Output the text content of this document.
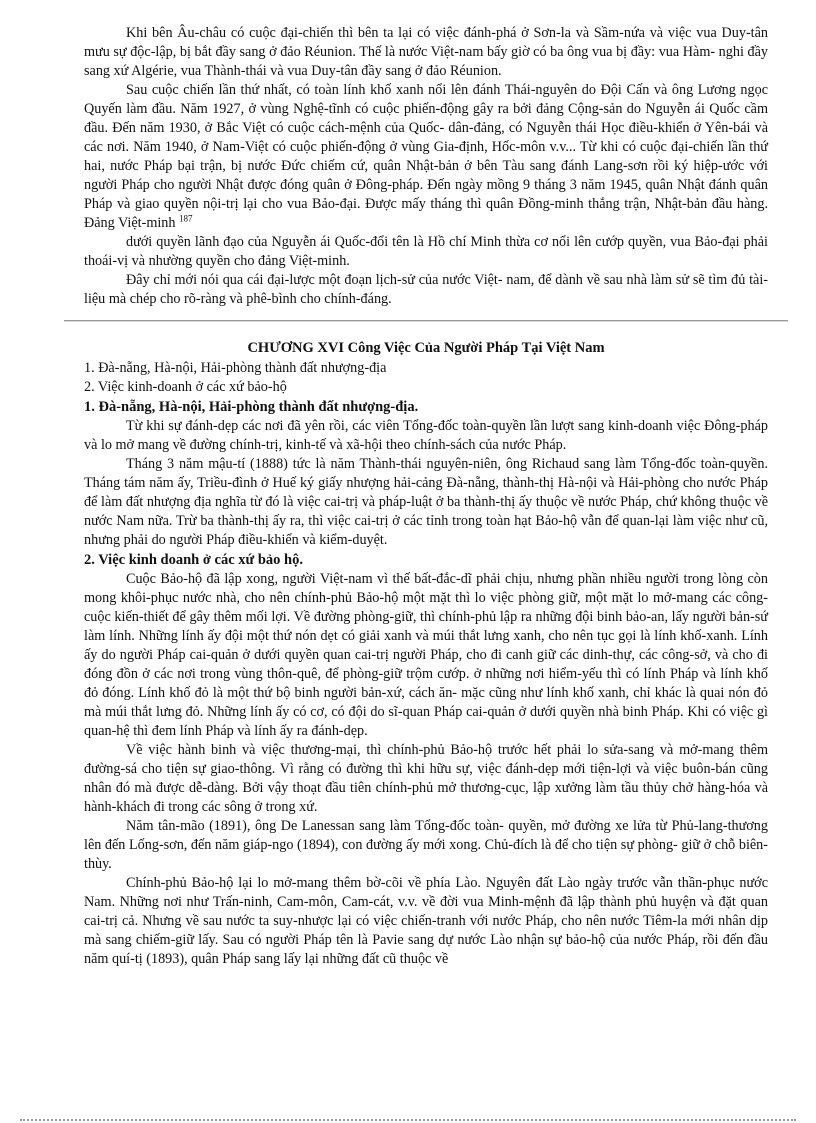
Khi bên Âu-châu có cuộc đại-chiến thì bên ta lại có việc đánh-phá ở Sơn-la và Sầm-nứa và việc vua Duy-tân mưu sự độc-lập, bị bắt đầy sang ở đảo Réunion. Thế là nước Việt-nam bấy giờ có ba ông vua bị đầy: vua Hàm- nghi đầy sang xứ Algérie, vua Thành-thái và vua Duy-tân đầy sang ở đảo Réunion.

Sau cuộc chiến lần thứ nhất, có toàn lính khố xanh nổi lên đánh Thái-nguyên do Đội Cấn và ông Lương ngọc Quyến làm đầu. Năm 1927, ở vùng Nghệ-tĩnh có cuộc phiến-động gây ra bởi đảng Cộng-sản do Nguyễn ái Quốc cầm đầu. Đến năm 1930, ở Bắc Việt có cuộc cách-mệnh của Quốc- dân-đảng, có Nguyễn thái Học điều-khiển ở Yên-bái và các nơi. Năm 1940, ở Nam-Việt có cuộc phiến-động ở vùng Gia-định, Hốc-môn v.v... Từ khi có cuộc đại-chiến lần thứ hai, nước Pháp bại trận, bị nước Đức chiếm cứ, quân Nhật-bản ở bên Tàu sang đánh Lang-sơn rồi ký hiệp-ước với người Pháp cho người Nhật được đóng quân ở Đông-pháp. Đến ngày mồng 9 tháng 3 năm 1945, quân Nhật đánh quân Pháp và giao quyền nội-trị lại cho vua Bảo-đại. Được mấy tháng thì quân Đồng-minh thắng trận, Nhật-bản đầu hàng. Đảng Việt-minh $^{187}$

dưới quyền lãnh đạo của Nguyễn ái Quốc-đổi tên là Hồ chí Minh thừa cơ nổi lên cướp quyền, vua Bảo-đại phải thoái-vị và nhường quyền cho đảng Việt-minh.

Đây chỉ mới nói qua cái đại-lược một đoạn lịch-sử của nước Việt- nam, để dành về sau nhà làm sử sẽ tìm đủ tài-liệu mà chép cho rõ-ràng và phê-bình cho chính-đáng.

CHƯƠNG XVI Công Việc Của Người Pháp Tại Việt Nam
1. Đà-nẵng, Hà-nội, Hải-phòng thành đất nhượng-địa
2. Việc kinh-doanh ở các xứ bảo-hộ
1. Đà-nẵng, Hà-nội, Hải-phòng thành đất nhượng-địa.

Từ khi sự đánh-dẹp các nơi đã yên rồi, các viên Tổng-đốc toàn-quyền lần lượt sang kinh-doanh việc Đông-pháp và lo mở mang về đường chính-trị, kinh-tế và xã-hội theo chính-sách của nước Pháp.

Tháng 3 năm mậu-tí (1888) tức là năm Thành-thái nguyên-niên, ông Richaud sang làm Tổng-đốc toàn-quyền. Tháng tám năm ấy, Triều-đình ở Huế ký giấy nhượng hải-cảng Đà-nẵng, thành-thị Hà-nội và Hải-phòng cho nước Pháp để làm đất nhượng địa nghĩa từ đó là việc cai-trị và pháp-luật ở ba thành-thị ấy thuộc về nước Pháp, chứ không thuộc về nước Nam nữa. Trừ ba thành-thị ấy ra, thì việc cai-trị ở các tỉnh trong toàn hạt Bảo-hộ vẫn để quan-lại làm việc như cũ, nhưng phải do người Pháp điều-khiển và kiểm-duyệt.

2. Việc kinh doanh ở các xứ bảo hộ.

Cuộc Bảo-hộ đã lập xong, người Việt-nam vì thế bất-đắc-dĩ phải chịu, nhưng phần nhiều người trong lòng còn mong khôi-phục nước nhà, cho nên chính-phủ Bảo-hộ một mặt thì lo việc phòng giữ, một mặt lo mở-mang các công-cuộc kiến-thiết để gây thêm mối lợi. Về đường phòng-giữ, thì chính-phủ lập ra những đội binh bảo-an, lấy người bản-sứ làm lính. Những lính ấy đội một thứ nón dẹt có giải xanh và múi thắt lưng xanh, cho nên tục gọi là lính khố-xanh. Lính ấy do người Pháp cai-quản ở dưới quyền quan cai-trị người Pháp, cho đi canh giữ các dinh-thự, các công-sở, và cho đi đóng đồn ở các nơi trong vùng thôn-quê, để phòng-giữ trộm cướp. ở những nơi hiểm-yếu thì có lính Pháp và lính khố đỏ đóng. Lính khố đỏ là một thứ bộ binh người bản-xứ, cách ăn- mặc cũng như lính khố xanh, chỉ khác là quai nón đỏ mà múi thắt lưng đỏ. Những lính ấy có cơ, có đội do sĩ-quan Pháp cai-quản ở dưới quyền nhà binh Pháp. Khi có việc gì quan-hệ thì đem lính Pháp và lính ấy ra đánh-dẹp.

Về việc hành binh và việc thương-mại, thì chính-phủ Bảo-hộ trước hết phải lo sửa-sang và mở-mang thêm đường-sá cho tiện sự giao-thông. Vì rằng có đường thì khi hữu sự, việc đánh-dẹp mới tiện-lợi và việc buôn-bán cũng nhân đó mà được dễ-dàng. Bởi vậy thoạt đầu tiên chính-phủ mở thương-cục, lập xưởng làm tầu thủy chở hàng-hóa và hành-khách đi trong các sông ở trong xứ.

Năm tân-mão (1891), ông De Lanessan sang làm Tổng-đốc toàn- quyền, mở đường xe lửa từ Phủ-lang-thương lên đến Lống-sơn, đến năm giáp-ngo (1894), con đường ấy mới xong. Chủ-đích là để cho tiện sự phòng- giữ ở chỗ biên-thùy.

Chính-phủ Bảo-hộ lại lo mở-mang thêm bờ-cõi về phía Lào. Nguyên đất Lào ngày trước vẫn thần-phục nước Nam. Những nơi như Trấn-ninh, Cam-môn, Cam-cát, v.v. về đời vua Minh-mệnh đã lập thành phủ huyện và đặt quan cai-trị cả. Nhưng về sau nước ta suy-nhược lại có việc chiến-tranh với nước Pháp, cho nên nước Tiêm-la mới nhân dịp mà sang chiếm-giữ lấy. Sau có người Pháp tên là Pavie sang dự nước Lào nhận sự bảo-hộ của nước Pháp, rồi đến đầu năm quí-tị (1893), quân Pháp sang lấy lại những đất cũ thuộc về
